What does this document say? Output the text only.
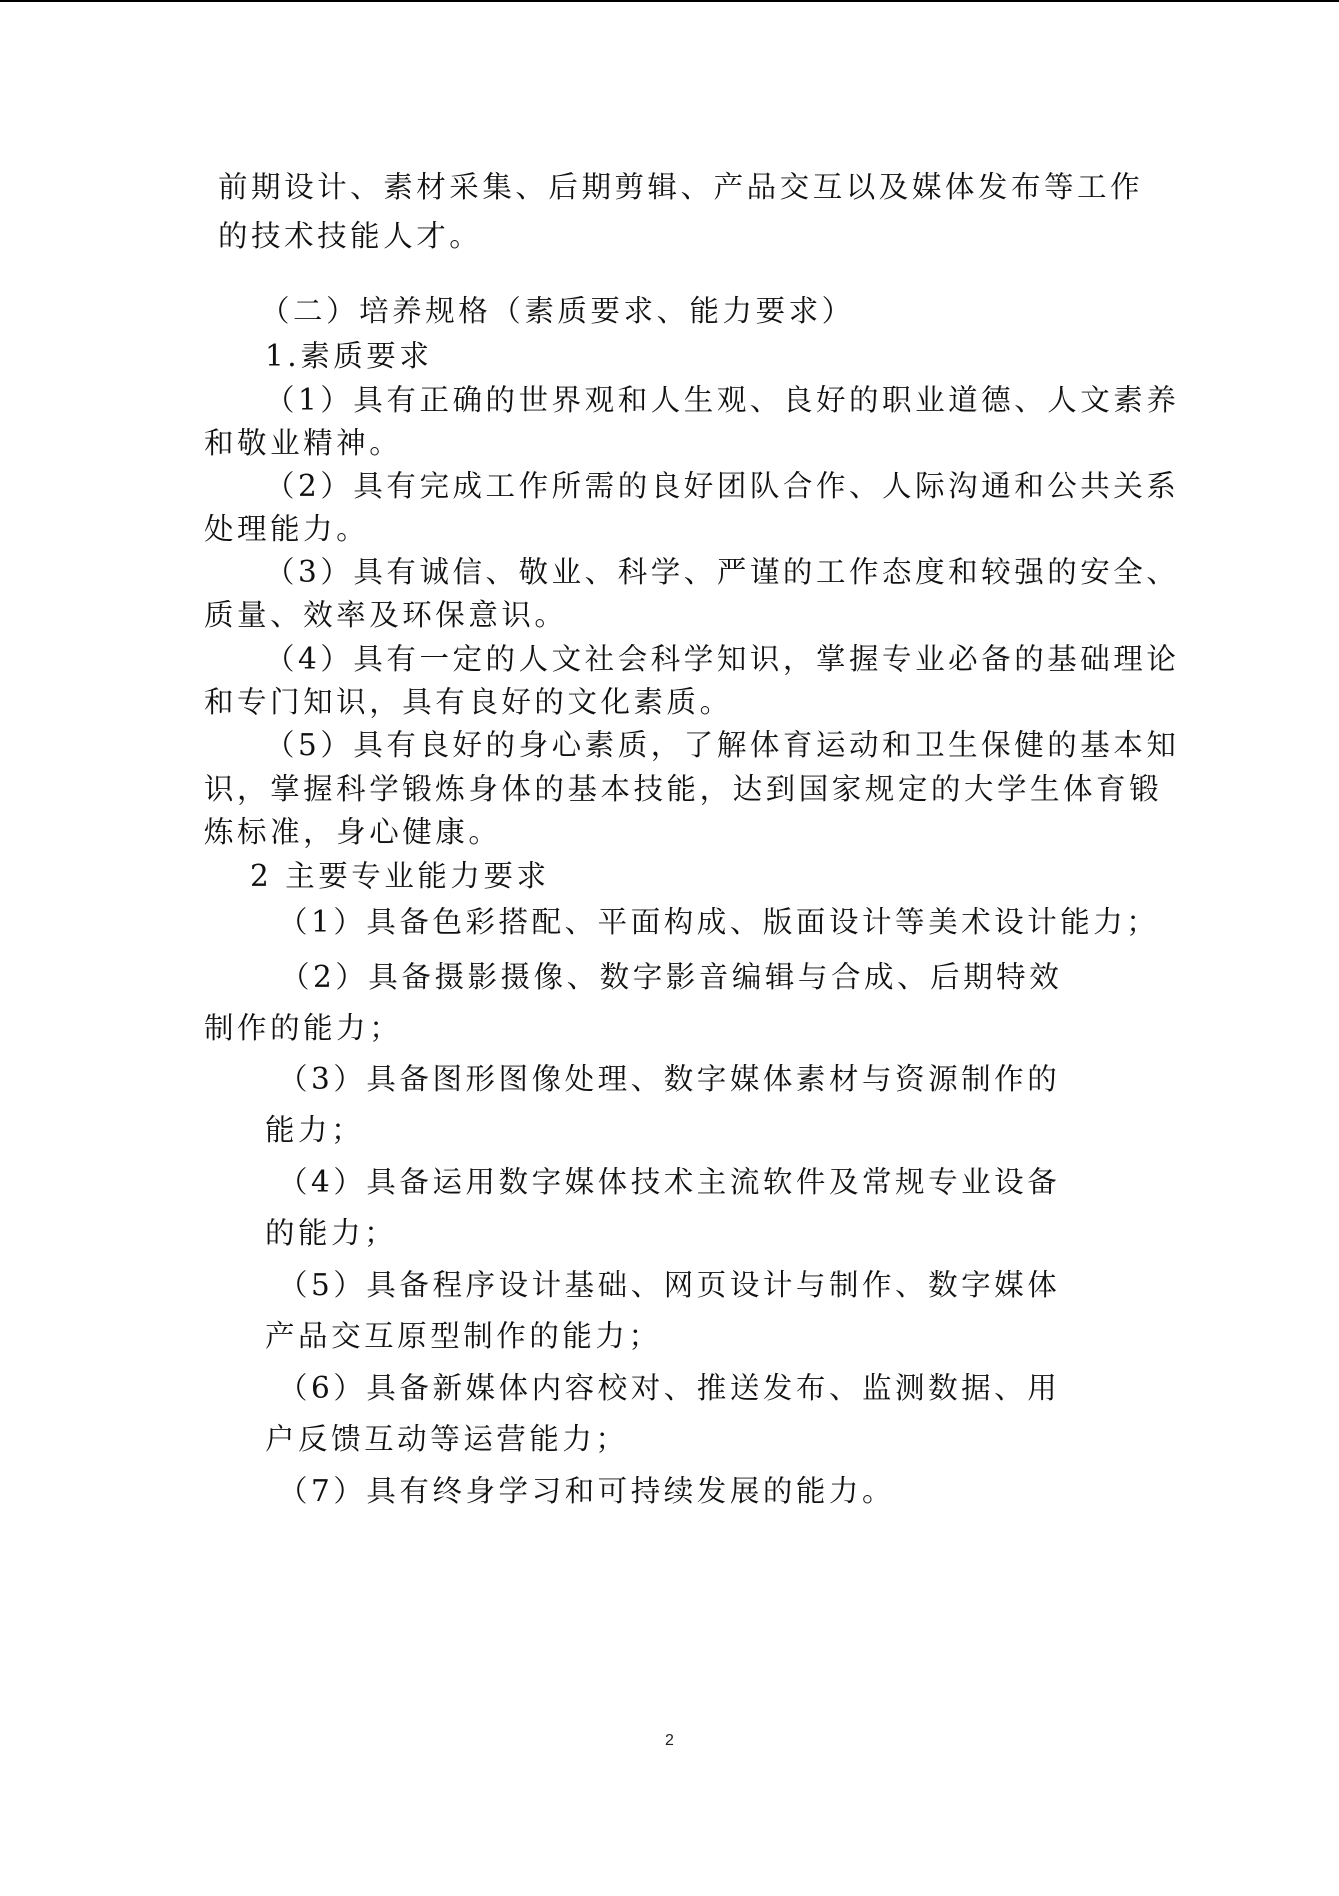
前期设计、素材采集、后期剪辑、产品交互以及媒体发布等工作

的技术技能人才。

（二）培养规格（素质要求、能力要求）

1.素质要求

（1）具有正确的世界观和人生观、良好的职业道德、人文素养

和敬业精神。

（2）具有完成工作所需的良好团队合作、人际沟通和公共关系

处理能力。

（3）具有诚信、敬业、科学、严谨的工作态度和较强的安全、

质量、效率及环保意识。

（4）具有一定的人文社会科学知识，掌握专业必备的基础理论

和专门知识，具有良好的文化素质。

（5）具有良好的身心素质，了解体育运动和卫生保健的基本知

识，掌握科学锻炼身体的基本技能，达到国家规定的大学生体育锻

炼标准，身心健康。

2 主要专业能力要求

（1）具备色彩搭配、平面构成、版面设计等美术设计能力；

（2）具备摄影摄像、数字影音编辑与合成、后期特效

制作的能力；

（3）具备图形图像处理、数字媒体素材与资源制作的

能力；

（4）具备运用数字媒体技术主流软件及常规专业设备

的能力；

（5）具备程序设计基础、网页设计与制作、数字媒体

产品交互原型制作的能力；

（6）具备新媒体内容校对、推送发布、监测数据、用

户反馈互动等运营能力；

（7）具有终身学习和可持续发展的能力。

2
